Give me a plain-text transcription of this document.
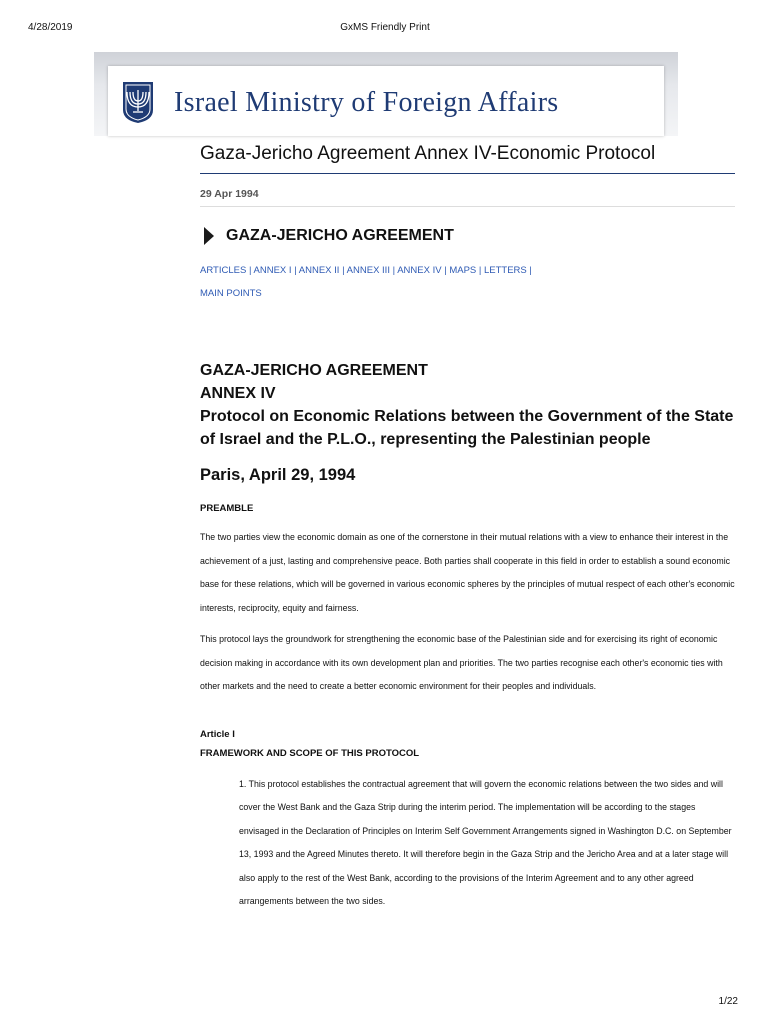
4/28/2019	GxMS Friendly Print
Israel Ministry of Foreign Affairs
Gaza-Jericho Agreement Annex IV-Economic Protocol
29 Apr 1994
GAZA-JERICHO AGREEMENT
ARTICLES | ANNEX I | ANNEX II | ANNEX III | ANNEX IV | MAPS | LETTERS |
MAIN POINTS
GAZA-JERICHO AGREEMENT
ANNEX IV
Protocol on Economic Relations between the Government of the State of Israel and the P.L.O., representing the Palestinian people
Paris, April 29, 1994
PREAMBLE
The two parties view the economic domain as one of the cornerstone in their mutual relations with a view to enhance their interest in the achievement of a just, lasting and comprehensive peace. Both parties shall cooperate in this field in order to establish a sound economic base for these relations, which will be governed in various economic spheres by the principles of mutual respect of each other's economic interests, reciprocity, equity and fairness.
This protocol lays the groundwork for strengthening the economic base of the Palestinian side and for exercising its right of economic decision making in accordance with its own development plan and priorities. The two parties recognise each other's economic ties with other markets and the need to create a better economic environment for their peoples and individuals.
Article I
FRAMEWORK AND SCOPE OF THIS PROTOCOL
1. This protocol establishes the contractual agreement that will govern the economic relations between the two sides and will cover the West Bank and the Gaza Strip during the interim period. The implementation will be according to the stages envisaged in the Declaration of Principles on Interim Self Government Arrangements signed in Washington D.C. on September 13, 1993 and the Agreed Minutes thereto. It will therefore begin in the Gaza Strip and the Jericho Area and at a later stage will also apply to the rest of the West Bank, according to the provisions of the Interim Agreement and to any other agreed arrangements between the two sides.
1/22
